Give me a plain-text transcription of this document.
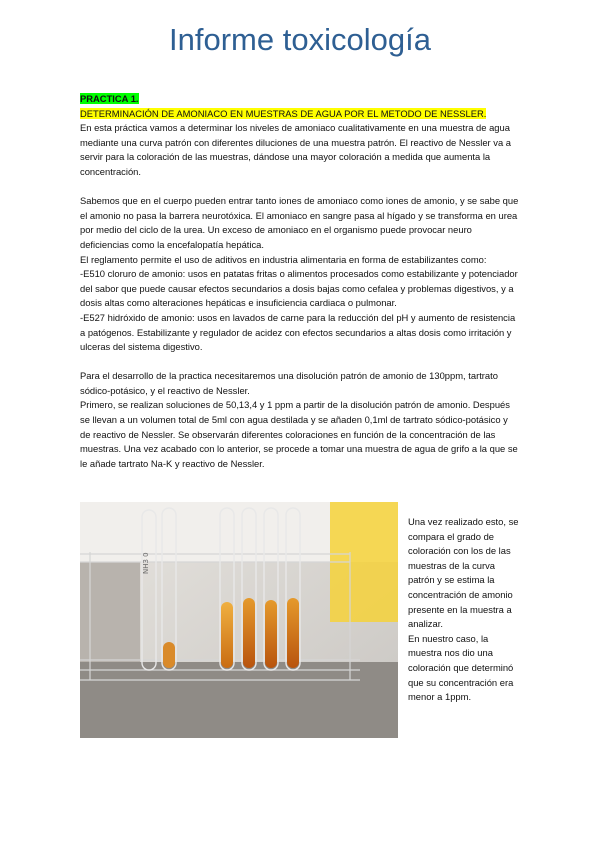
Informe toxicología

PRACTICA 1.

DETERMINACIÓN DE AMONIACO EN MUESTRAS DE AGUA POR EL METODO DE NESSLER.

En esta práctica vamos a determinar los niveles de amoniaco cualitativamente en una muestra de agua mediante una curva patrón con diferentes diluciones de una muestra patrón. El reactivo de Nessler va a servir para la coloración de las muestras, dándose una mayor coloración a medida que aumenta la concentración.

Sabemos que en el cuerpo pueden entrar tanto iones de amoniaco como iones de amonio, y se sabe que el amonio no pasa la barrera neurotóxica. El amoniaco en sangre pasa al hígado y se transforma en urea por medio del ciclo de la urea. Un exceso de amoniaco en el organismo puede provocar neuro deficiencias como la encefalopatía hepática.

El reglamento permite el uso de aditivos en industria alimentaria en forma de estabilizantes como:

-E510 cloruro de amonio: usos en patatas fritas o alimentos procesados como estabilizante y potenciador del sabor que puede causar efectos secundarios a dosis bajas como cefalea y problemas digestivos, y a dosis altas como alteraciones hepáticas e insuficiencia cardiaca o pulmonar.

-E527 hidróxido de amonio: usos en lavados de carne para la reducción del pH y aumento de resistencia a patógenos. Estabilizante y regulador de acidez con efectos secundarios a altas dosis como irritación y ulceras del sistema digestivo.

Para el desarrollo de la practica necesitaremos una disolución patrón de amonio de 130ppm, tartrato sódico-potásico, y el reactivo de Nessler.

Primero, se realizan soluciones de 50,13,4 y 1 ppm a partir de la disolución patrón de amonio. Después se llevan a un volumen total de 5ml con agua destilada y se añaden 0,1ml de tartrato sódico-potásico y de reactivo de Nessler. Se observarán diferentes coloraciones en función de la concentración de las muestras. Una vez acabado con lo anterior, se procede a tomar una muestra de agua de grifo a la que se le añade tartrato Na-K y reactivo de Nessler.

NH3 0

Una vez realizado esto, se compara el grado de coloración con los de las muestras de la curva patrón y se estima la concentración de amonio presente en la muestra a analizar.

En nuestro caso, la muestra nos dio una coloración que determinó que su concentración era menor a 1ppm.
